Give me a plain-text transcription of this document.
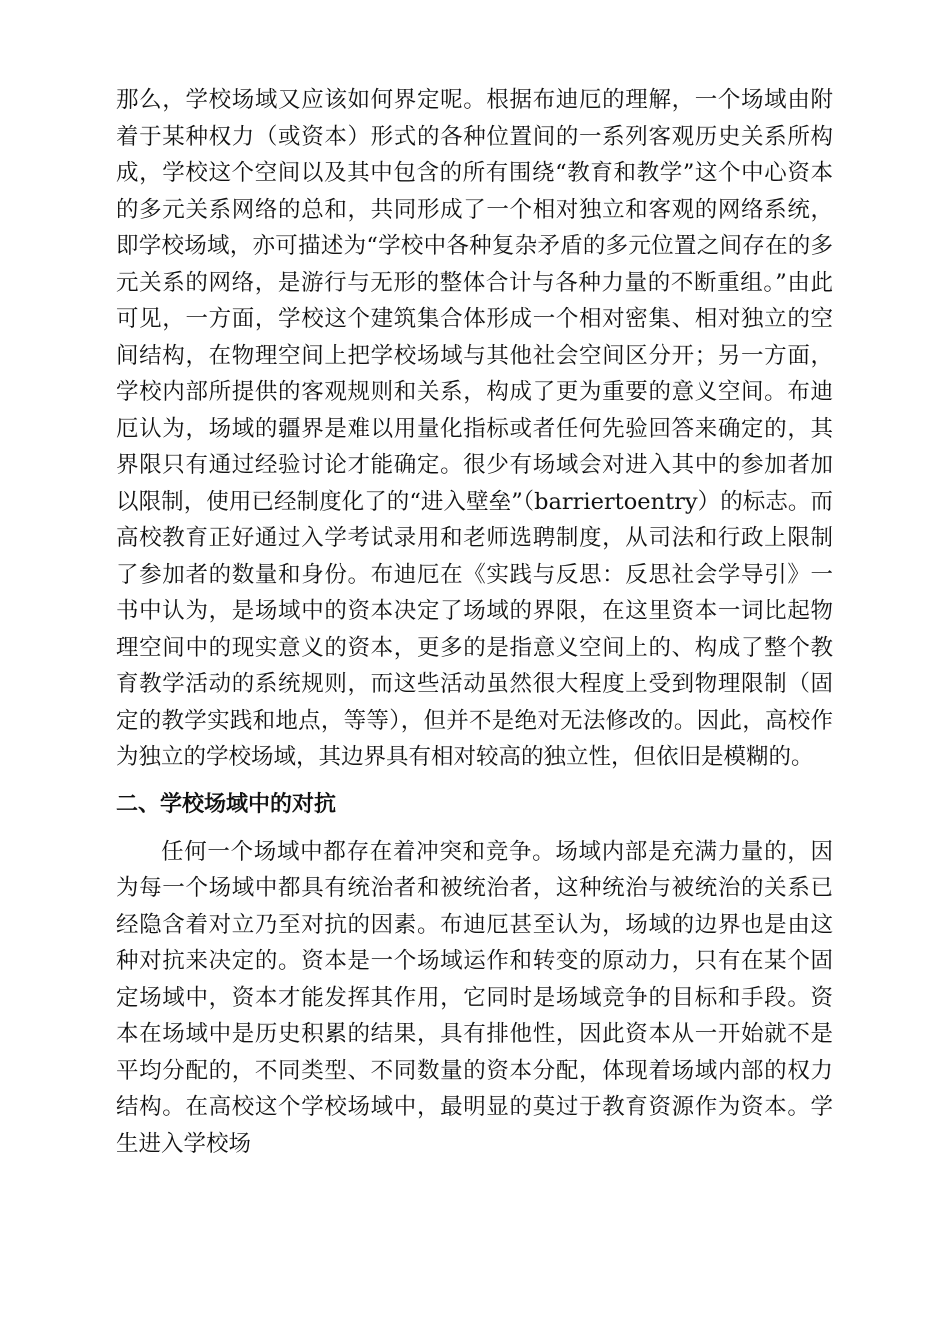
那么，学校场域又应该如何界定呢。根据布迪厄的理解，一个场域由附着于某种权力（或资本）形式的各种位置间的一系列客观历史关系所构成，学校这个空间以及其中包含的所有围绕“教育和教学”这个中心资本的多元关系网络的总和，共同形成了一个相对独立和客观的网络系统，即学校场域，亦可描述为“学校中各种复杂矛盾的多元位置之间存在的多元关系的网络，是游行与无形的整体合计与各种力量的不断重组。”由此可见，一方面，学校这个建筑集合体形成一个相对密集、相对独立的空间结构，在物理空间上把学校场域与其他社会空间区分开；另一方面，学校内部所提供的客观规则和关系，构成了更为重要的意义空间。布迪厄认为，场域的疆界是难以用量化指标或者任何先验回答来确定的，其界限只有通过经验讨论才能确定。很少有场域会对进入其中的参加者加以限制，使用已经制度化了的“进入壁垒”（barriertoentry）的标志。而高校教育正好通过入学考试录用和老师选聘制度，从司法和行政上限制了参加者的数量和身份。布迪厄在《实践与反思：反思社会学导引》一书中认为，是场域中的资本决定了场域的界限，在这里资本一词比起物理空间中的现实意义的资本，更多的是指意义空间上的、构成了整个教育教学活动的系统规则，而这些活动虽然很大程度上受到物理限制（固定的教学实践和地点，等等），但并不是绝对无法修改的。因此，高校作为独立的学校场域，其边界具有相对较高的独立性，但依旧是模糊的。

二、学校场域中的对抗

任何一个场域中都存在着冲突和竞争。场域内部是充满力量的，因为每一个场域中都具有统治者和被统治者，这种统治与被统治的关系已经隐含着对立乃至对抗的因素。布迪厄甚至认为，场域的边界也是由这种对抗来决定的。资本是一个场域运作和转变的原动力，只有在某个固定场域中，资本才能发挥其作用，它同时是场域竞争的目标和手段。资本在场域中是历史积累的结果，具有排他性，因此资本从一开始就不是平均分配的，不同类型、不同数量的资本分配，体现着场域内部的权力结构。在高校这个学校场域中，最明显的莫过于教育资源作为资本。学生进入学校场
